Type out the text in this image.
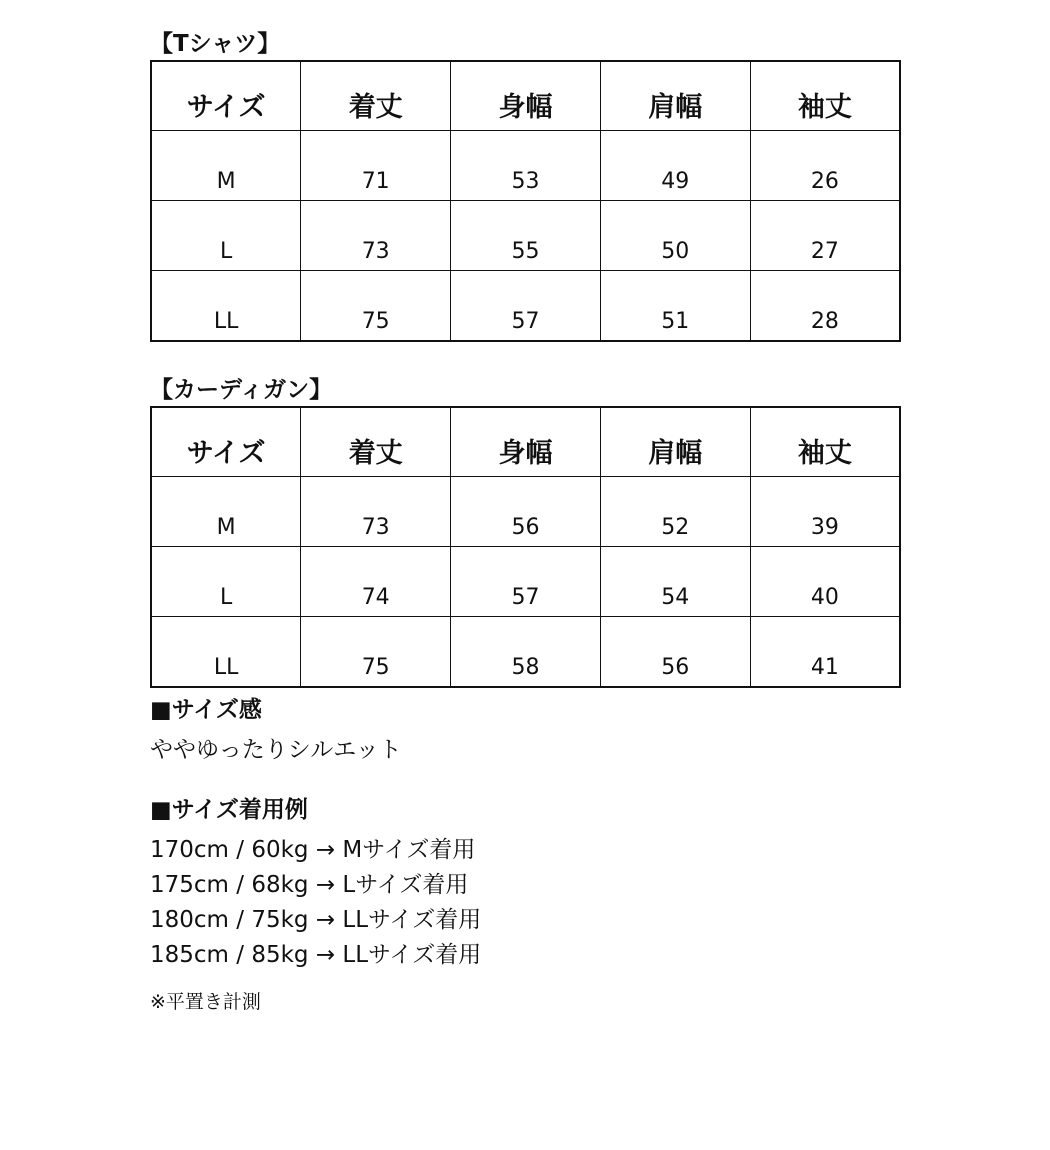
【Tシャツ】
サイズ	着丈	身幅	肩幅	袖丈
M	71	53	49	26
L	73	55	50	27
LL	75	57	51	28
【カーディガン】
サイズ	着丈	身幅	肩幅	袖丈
M	73	56	52	39
L	74	57	54	40
LL	75	58	56	41
■サイズ感

ややゆったりシルエット

■サイズ着用例

170cm / 60kg → Mサイズ着用

175cm / 68kg → Lサイズ着用

180cm / 75kg → LLサイズ着用

185cm / 85kg → LLサイズ着用

※平置き計測
